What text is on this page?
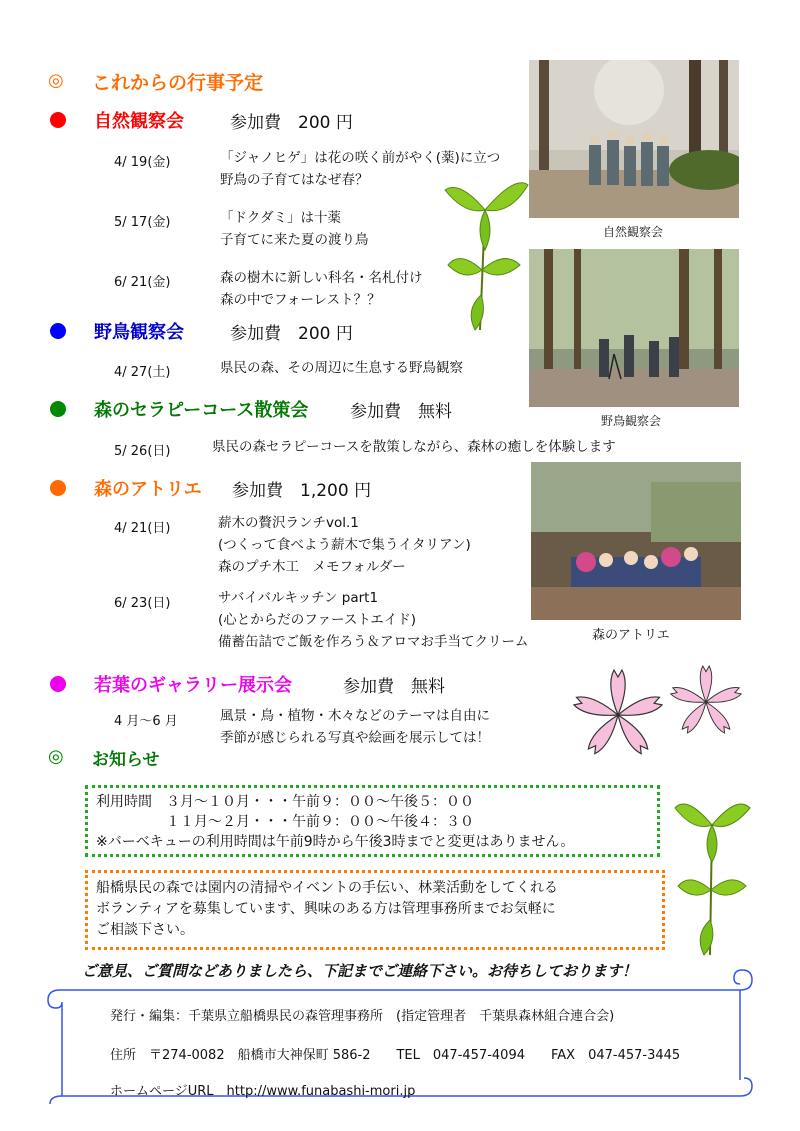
◎ これからの行事予定
自然観察会	参加費　200 円
4/ 19(金)	「ジャノヒゲ」は花の咲く前がやく(薬)に立つ
野鳥の子育てはなぜ春？
5/ 17(金)	「ドクダミ」は十薬
子育てに来た夏の渡り鳥
6/ 21(金)	森の樹木に新しい科名・名札付け
森の中でフォーレスト？？
自然観察会
野鳥観察会	参加費　200 円
4/ 27(土)	県民の森、その周辺に生息する野鳥観察
野鳥観察会
森のセラピーコース散策会 参加費　無料
5/ 26(日)	県民の森セラピーコースを散策しながら、森林の癒しを体験します
森のアトリエ 参加費　1,200 円
4/ 21(日)	薪木の贅沢ランチvol.1
(つくって食べよう薪木で集うイタリアン)
森のプチ木工　メモフォルダー
6/ 23(日)	サバイバルキッチン part1
(心とからだのファーストエイド)
備蓄缶詰でご飯を作ろう＆アロマお手当てクリーム	森のアトリエ
若葉のギャラリー展示会	参加費　無料
4 月～6 月	風景・鳥・植物・木々などのテーマは自由に
季節が感じられる写真や絵画を展示しては！
◎ お知らせ
利用時間　３月～１０月・・・午前９：００～午後５：００
　　　　　１１月～２月・・・午前９：００～午後４：３０
※バーベキューの利用時間は午前9時から午後3時までと変更はありません。
船橋県民の森では園内の清掃やイベントの手伝い、林業活動をしてくれる
ボランティアを募集しています、興味のある方は管理事務所までお気軽に
ご相談下さい。
ご意見、ご質問などありましたら、下記までご連絡下さい。お待ちしております！
発行・編集：千葉県立船橋県民の森管理事務所　(指定管理者　千葉県森林組合連合会)
住所　〒274-0082　船橋市大神保町 586-2　　TEL　047-457-4094　　FAX　047-457-3445
ホームページURL　http://www.funabashi-mori.jp
